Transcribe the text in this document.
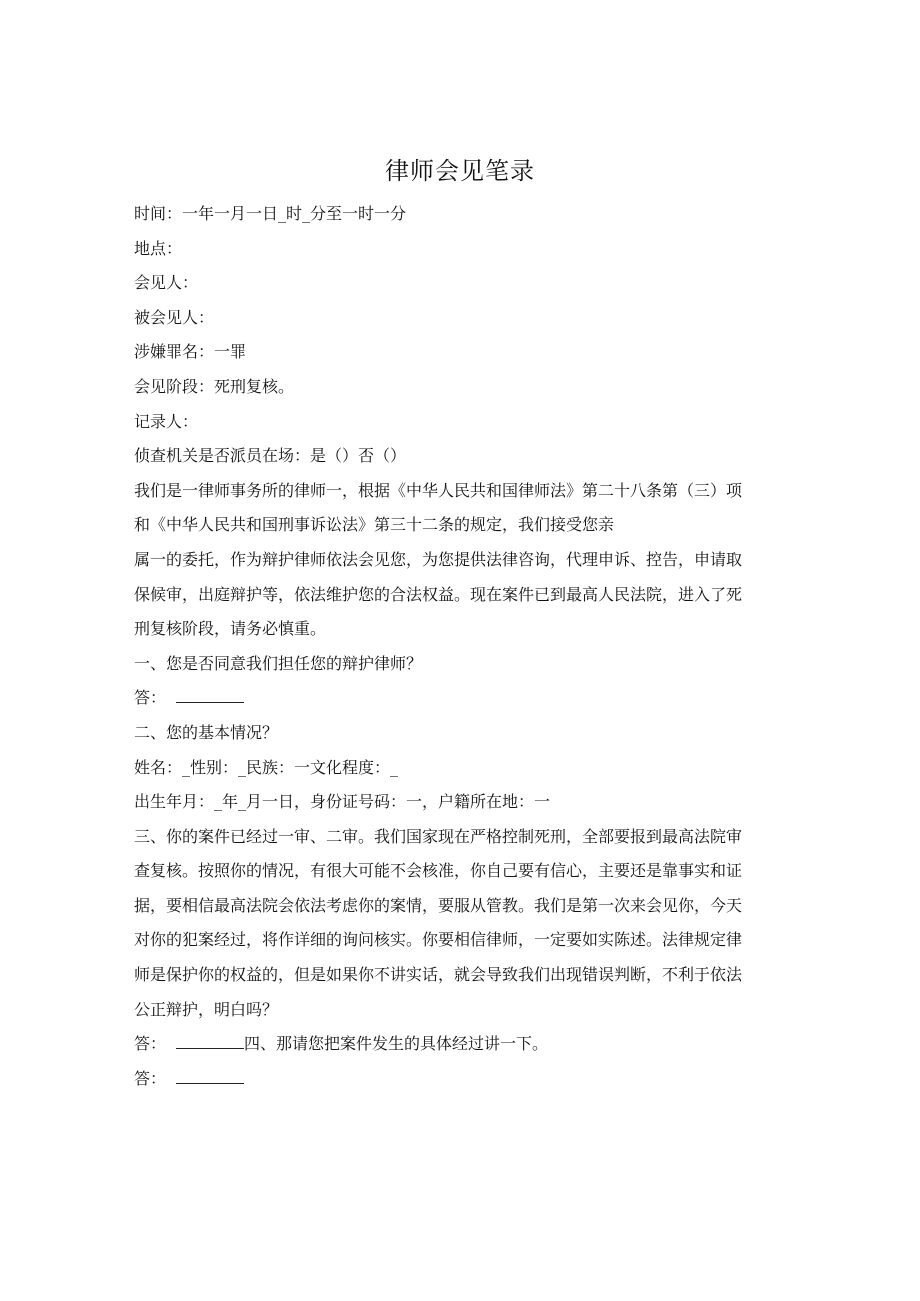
律师会见笔录
时间：一年一月一日_时_分至一时一分
地点：
会见人：
被会见人：
涉嫌罪名：一罪
会见阶段：死刑复核。
记录人：
侦查机关是否派员在场：是（）否（）
我们是一律师事务所的律师一，根据《中华人民共和国律师法》第二十八条第（三）项
和《中华人民共和国刑事诉讼法》第三十二条的规定，我们接受您亲
属一的委托，作为辩护律师依法会见您，为您提供法律咨询，代理申诉、控告，申请取
保候审，出庭辩护等，依法维护您的合法权益。现在案件已到最高人民法院，进入了死
刑复核阶段，请务必慎重。
一、您是否同意我们担任您的辩护律师？
答：
二、您的基本情况？
姓名：_性别：_民族：一文化程度：_
出生年月：_年_月一日，身份证号码：一，户籍所在地：一
三、你的案件已经过一审、二审。我们国家现在严格控制死刑，全部要报到最高法院审
查复核。按照你的情况，有很大可能不会核准，你自己要有信心，主要还是靠事实和证
据，要相信最高法院会依法考虑你的案情，要服从管教。我们是第一次来会见你，今天
对你的犯案经过，将作详细的询问核实。你要相信律师，一定要如实陈述。法律规定律
师是保护你的权益的，但是如果你不讲实话，就会导致我们出现错误判断，不利于依法
公正辩护，明白吗？
答：	四、那请您把案件发生的具体经过讲一下。
答：
